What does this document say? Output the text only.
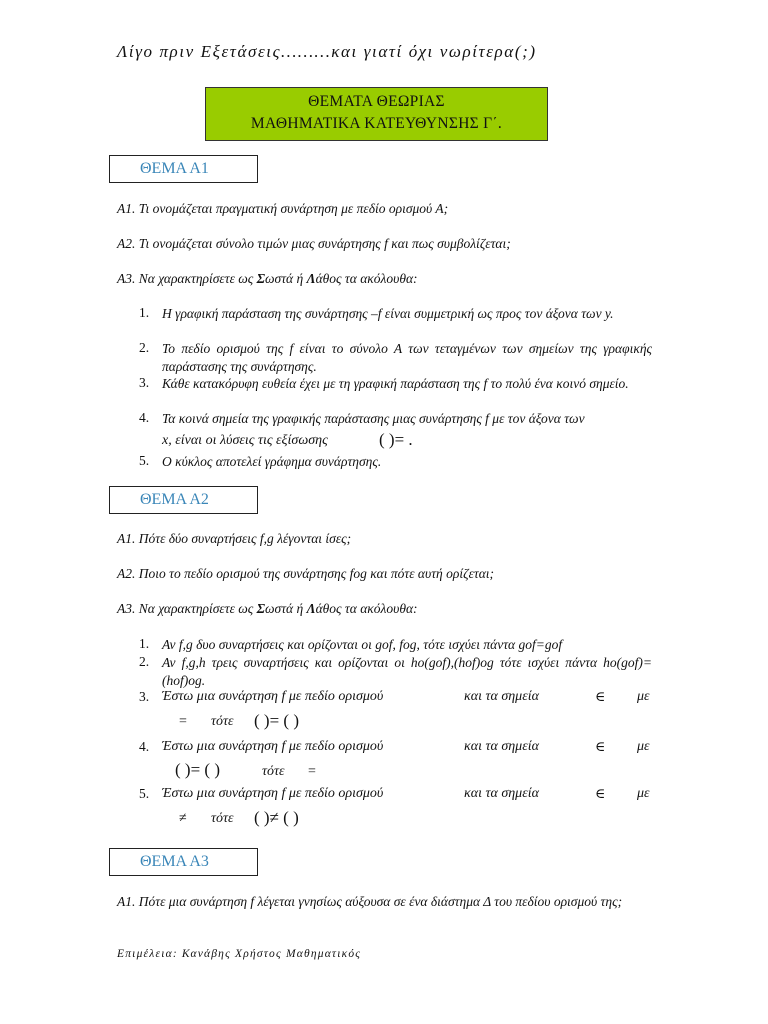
Λίγο πριν Εξετάσεις………και γιατί όχι νωρίτερα(;)
ΘΕΜΑΤΑ ΘΕΩΡΙΑΣ
ΜΑΘΗΜΑΤΙΚΑ ΚΑΤΕΥΘΥΝΣΗΣ Γ΄.
ΘΕΜΑ Α1
Α1. Τι ονομάζεται πραγματική συνάρτηση με πεδίο ορισμού Α;
Α2. Τι ονομάζεται σύνολο τιμών μιας συνάρτησης f και πως συμβολίζεται;
Α3. Να χαρακτηρίσετε ως Σωστά ή Λάθος τα ακόλουθα:
1. Η γραφική παράσταση της συνάρτησης –f είναι συμμετρική ως προς τον άξονα των y.
2. Το πεδίο ορισμού της f είναι το σύνολο Α των τεταγμένων των σημείων της γραφικής παράστασης της συνάρτησης.
3. Κάθε κατακόρυφη ευθεία έχει με τη γραφική παράσταση της f το πολύ ένα κοινό σημείο.
4. Τα κοινά σημεία της γραφικής παράστασης μιας συνάρτησης f με τον άξονα των
x, είναι οι λύσεις τις εξίσωσης	( )= .
5. Ο κύκλος αποτελεί γράφημα συνάρτησης.
ΘΕΜΑ Α2
Α1. Πότε δύο συναρτήσεις f,g λέγονται ίσες;
Α2. Ποιο το πεδίο ορισμού της συνάρτησης fog και πότε αυτή ορίζεται;
Α3. Να χαρακτηρίσετε ως Σωστά ή Λάθος τα ακόλουθα:
1. Αν f,g δυο συναρτήσεις και ορίζονται οι gof, fog, τότε ισχύει πάντα gof=gof
2. Αν f,g,h τρεις συναρτήσεις και ορίζονται οι ho(gof),(hof)og τότε ισχύει πάντα ho(gof)=(hof)og.
3. Έστω μια συνάρτηση f με πεδίο ορισμού	και τα σημεία	∈ με
= τότε ( )= ( )
4. Έστω μια συνάρτηση f με πεδίο ορισμού	και τα σημεία	∈ με
( )= ( )	τότε =
5. Έστω μια συνάρτηση f με πεδίο ορισμού	και τα σημεία	∈ με
≠ τότε ( )≠ ( )
ΘΕΜΑ Α3
Α1. Πότε μια συνάρτηση f λέγεται γνησίως αύξουσα σε ένα διάστημα Δ του πεδίου ορισμού της;
Επιμέλεια: Κανάβης Χρήστος Μαθηματικός
